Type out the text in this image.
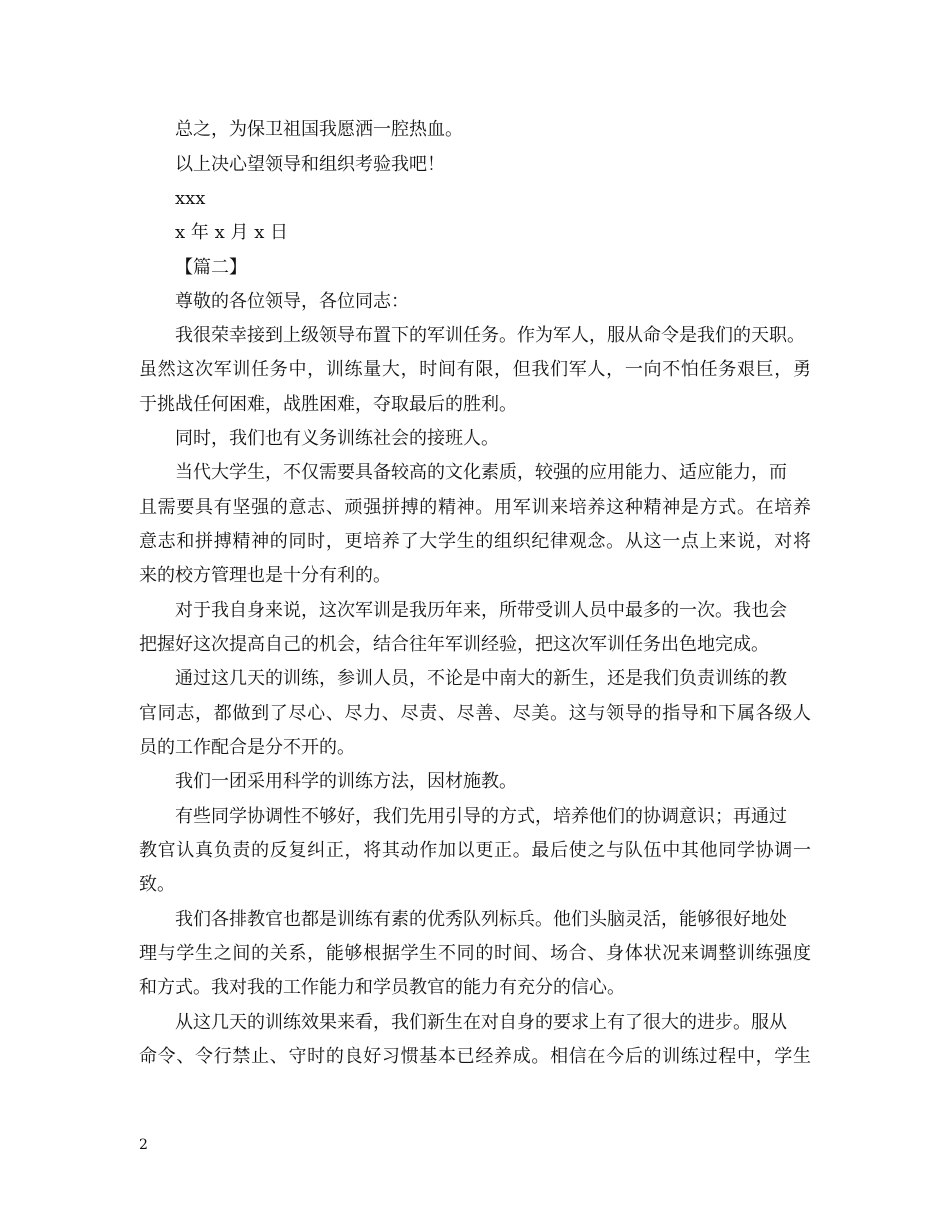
总之，为保卫祖国我愿洒一腔热血。
以上决心望领导和组织考验我吧！
xxx
x 年 x 月 x 日
【篇二】
尊敬的各位领导，各位同志：
我很荣幸接到上级领导布置下的军训任务。作为军人，服从命令是我们的天职。
虽然这次军训任务中，训练量大，时间有限，但我们军人，一向不怕任务艰巨，勇
于挑战任何困难，战胜困难，夺取最后的胜利。
同时，我们也有义务训练社会的接班人。
当代大学生，不仅需要具备较高的文化素质，较强的应用能力、适应能力，而
且需要具有坚强的意志、顽强拼搏的精神。用军训来培养这种精神是方式。在培养
意志和拼搏精神的同时，更培养了大学生的组织纪律观念。从这一点上来说，对将
来的校方管理也是十分有利的。
对于我自身来说，这次军训是我历年来，所带受训人员中最多的一次。我也会
把握好这次提高自己的机会，结合往年军训经验，把这次军训任务出色地完成。
通过这几天的训练，参训人员，不论是中南大的新生，还是我们负责训练的教
官同志，都做到了尽心、尽力、尽责、尽善、尽美。这与领导的指导和下属各级人
员的工作配合是分不开的。
我们一团采用科学的训练方法，因材施教。
有些同学协调性不够好，我们先用引导的方式，培养他们的协调意识；再通过
教官认真负责的反复纠正，将其动作加以更正。最后使之与队伍中其他同学协调一
致。
我们各排教官也都是训练有素的优秀队列标兵。他们头脑灵活，能够很好地处
理与学生之间的关系，能够根据学生不同的时间、场合、身体状况来调整训练强度
和方式。我对我的工作能力和学员教官的能力有充分的信心。
从这几天的训练效果来看，我们新生在对自身的要求上有了很大的进步。服从
命令、令行禁止、守时的良好习惯基本已经养成。相信在今后的训练过程中，学生
2
